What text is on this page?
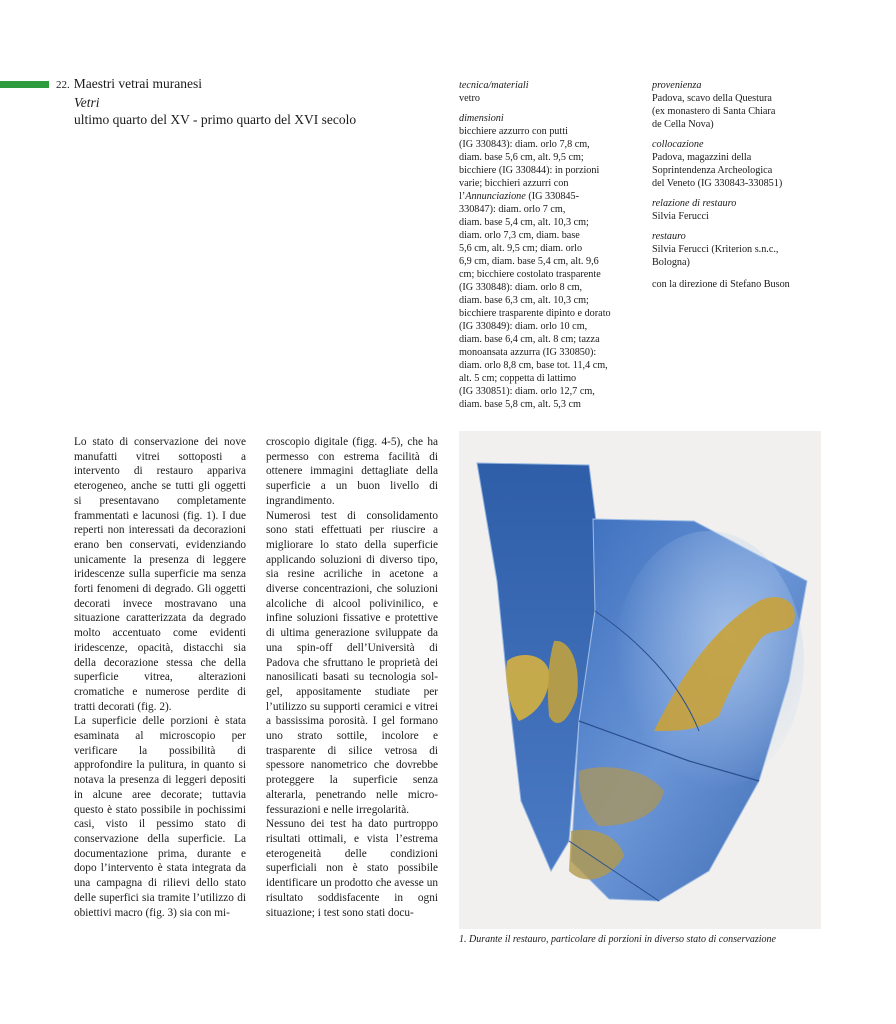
22. Maestri vetrai muranesi
Vetri
ultimo quarto del XV - primo quarto del XVI secolo
tecnica/materiali
vetro
dimensioni
bicchiere azzurro con putti
(IG 330843): diam. orlo 7,8 cm,
diam. base 5,6 cm, alt. 9,5 cm;
bicchiere (IG 330844): in porzioni
varie; bicchieri azzurri con
l’Annunciazione (IG 330845-
330847): diam. orlo 7 cm,
diam. base 5,4 cm, alt. 10,3 cm;
diam. orlo 7,3 cm, diam. base
5,6 cm, alt. 9,5 cm; diam. orlo
6,9 cm, diam. base 5,4 cm, alt. 9,6
cm; bicchiere costolato trasparente
(IG 330848): diam. orlo 8 cm,
diam. base 6,3 cm, alt. 10,3 cm;
bicchiere trasparente dipinto e dorato
(IG 330849): diam. orlo 10 cm,
diam. base 6,4 cm, alt. 8 cm; tazza
monoansata azzurra (IG 330850):
diam. orlo 8,8 cm, base tot. 11,4 cm,
alt. 5 cm; coppetta di lattimo
(IG 330851): diam. orlo 12,7 cm,
diam. base 5,8 cm, alt. 5,3 cm
provenienza
Padova, scavo della Questura
(ex monastero di Santa Chiara
de Cella Nova)
collocazione
Padova, magazzini della
Soprintendenza Archeologica
del Veneto (IG 330843-330851)
relazione di restauro
Silvia Ferucci
restauro
Silvia Ferucci (Kriterion s.n.c.,
Bologna)
con la direzione di Stefano Buson

Lo stato di conservazione dei nove manufatti vitrei sottoposti a intervento di restauro appariva eterogeneo, anche se tutti gli oggetti si presentavano completamente frammentati e lacunosi (fig. 1). I due reperti non interessati da decorazioni erano ben conservati, evidenziando unicamente la presenza di leggere iridescenze sulla superficie ma senza forti fenomeni di degrado. Gli oggetti decorati invece mostravano una situazione caratterizzata da degrado molto accentuato come evidenti iridescenze, opacità, distacchi sia della decorazione stessa che della superficie vitrea, alterazioni cromatiche e numerose perdite di tratti decorati (fig. 2).

La superficie delle porzioni è stata esaminata al microscopio per verificare la possibilità di approfondire la pulitura, in quanto si notava la presenza di leggeri depositi in alcune aree decorate; tuttavia questo è stato possibile in pochissimi casi, visto il pessimo stato di conservazione della superficie. La documentazione prima, durante e dopo l’intervento è stata integrata da una campagna di rilievi dello stato delle superfici sia tramite l’utilizzo di obiettivi macro (fig. 3) sia con mi-

croscopio digitale (figg. 4-5), che ha permesso con estrema facilità di ottenere immagini dettagliate della superficie a un buon livello di ingrandimento.

Numerosi test di consolidamento sono stati effettuati per riuscire a migliorare lo stato della superficie applicando soluzioni di diverso tipo, sia resine acriliche in acetone a diverse concentrazioni, che soluzioni alcoliche di alcool polivinilico, e infine soluzioni fissative e protettive di ultima generazione sviluppate da una spin-off dell’Università di Padova che sfruttano le proprietà dei nanosilicati basati su tecnologia sol-gel, appositamente studiate per l’utilizzo su supporti ceramici e vitrei a bassissima porosità. I gel formano uno strato sottile, incolore e trasparente di silice vetrosa di spessore nanometrico che dovrebbe proteggere la superficie senza alterarla, penetrando nelle micro-fessurazioni e nelle irregolarità.

Nessuno dei test ha dato purtroppo risultati ottimali, e vista l’estrema eterogeneità delle condizioni superficiali non è stato possibile identificare un prodotto che avesse un risultato soddisfacente in ogni situazione; i test sono stati docu-

1. Durante il restauro, particolare di porzioni in diverso stato di conservazione
